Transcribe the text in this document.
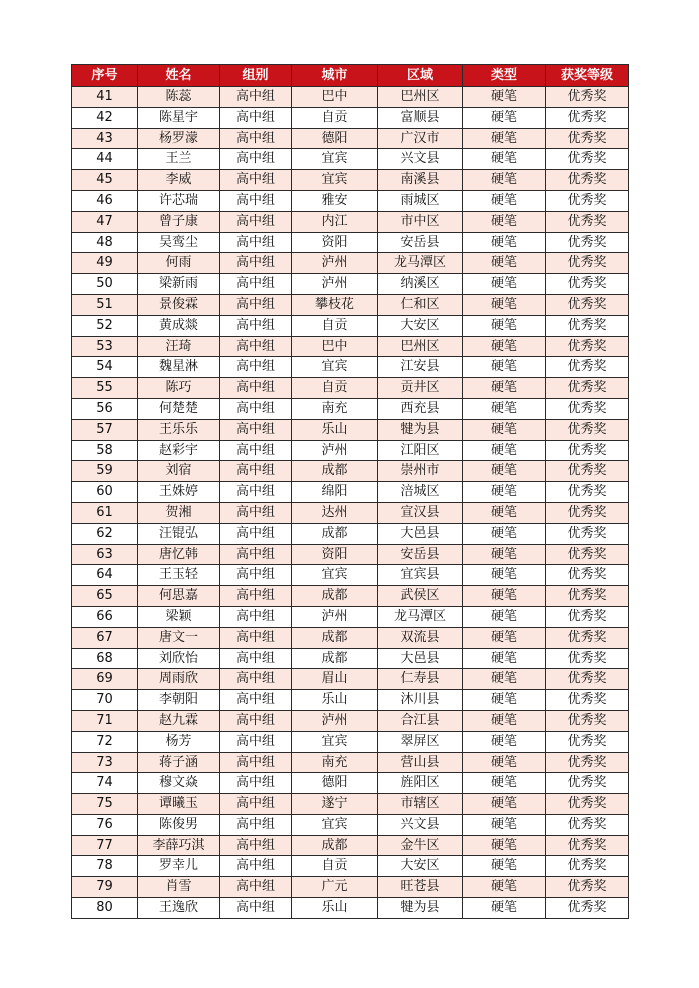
序号	姓名	组别	城市	区域	类型	获奖等级
41	陈蕊	高中组	巴中	巴州区	硬笔	优秀奖
42	陈星宇	高中组	自贡	富顺县	硬笔	优秀奖
43	杨罗濛	高中组	德阳	广汉市	硬笔	优秀奖
44	王兰	高中组	宜宾	兴文县	硬笔	优秀奖
45	李威	高中组	宜宾	南溪县	硬笔	优秀奖
46	许芯瑞	高中组	雅安	雨城区	硬笔	优秀奖
47	曾子康	高中组	内江	市中区	硬笔	优秀奖
48	吴鸾尘	高中组	资阳	安岳县	硬笔	优秀奖
49	何雨	高中组	泸州	龙马潭区	硬笔	优秀奖
50	梁新雨	高中组	泸州	纳溪区	硬笔	优秀奖
51	景俊霖	高中组	攀枝花	仁和区	硬笔	优秀奖
52	黄成燚	高中组	自贡	大安区	硬笔	优秀奖
53	汪琦	高中组	巴中	巴州区	硬笔	优秀奖
54	魏星淋	高中组	宜宾	江安县	硬笔	优秀奖
55	陈巧	高中组	自贡	贡井区	硬笔	优秀奖
56	何楚楚	高中组	南充	西充县	硬笔	优秀奖
57	王乐乐	高中组	乐山	犍为县	硬笔	优秀奖
58	赵彩宇	高中组	泸州	江阳区	硬笔	优秀奖
59	刘宿	高中组	成都	崇州市	硬笔	优秀奖
60	王姝婷	高中组	绵阳	涪城区	硬笔	优秀奖
61	贺湘	高中组	达州	宣汉县	硬笔	优秀奖
62	汪锟弘	高中组	成都	大邑县	硬笔	优秀奖
63	唐忆韩	高中组	资阳	安岳县	硬笔	优秀奖
64	王玉轻	高中组	宜宾	宜宾县	硬笔	优秀奖
65	何思嘉	高中组	成都	武侯区	硬笔	优秀奖
66	梁颖	高中组	泸州	龙马潭区	硬笔	优秀奖
67	唐文一	高中组	成都	双流县	硬笔	优秀奖
68	刘欣怡	高中组	成都	大邑县	硬笔	优秀奖
69	周雨欣	高中组	眉山	仁寿县	硬笔	优秀奖
70	李朝阳	高中组	乐山	沐川县	硬笔	优秀奖
71	赵九霖	高中组	泸州	合江县	硬笔	优秀奖
72	杨芳	高中组	宜宾	翠屏区	硬笔	优秀奖
73	蒋子涵	高中组	南充	营山县	硬笔	优秀奖
74	穆文焱	高中组	德阳	旌阳区	硬笔	优秀奖
75	谭曦玉	高中组	遂宁	市辖区	硬笔	优秀奖
76	陈俊男	高中组	宜宾	兴文县	硬笔	优秀奖
77	李薛巧淇	高中组	成都	金牛区	硬笔	优秀奖
78	罗幸儿	高中组	自贡	大安区	硬笔	优秀奖
79	肖雪	高中组	广元	旺苍县	硬笔	优秀奖
80	王逸欣	高中组	乐山	犍为县	硬笔	优秀奖
